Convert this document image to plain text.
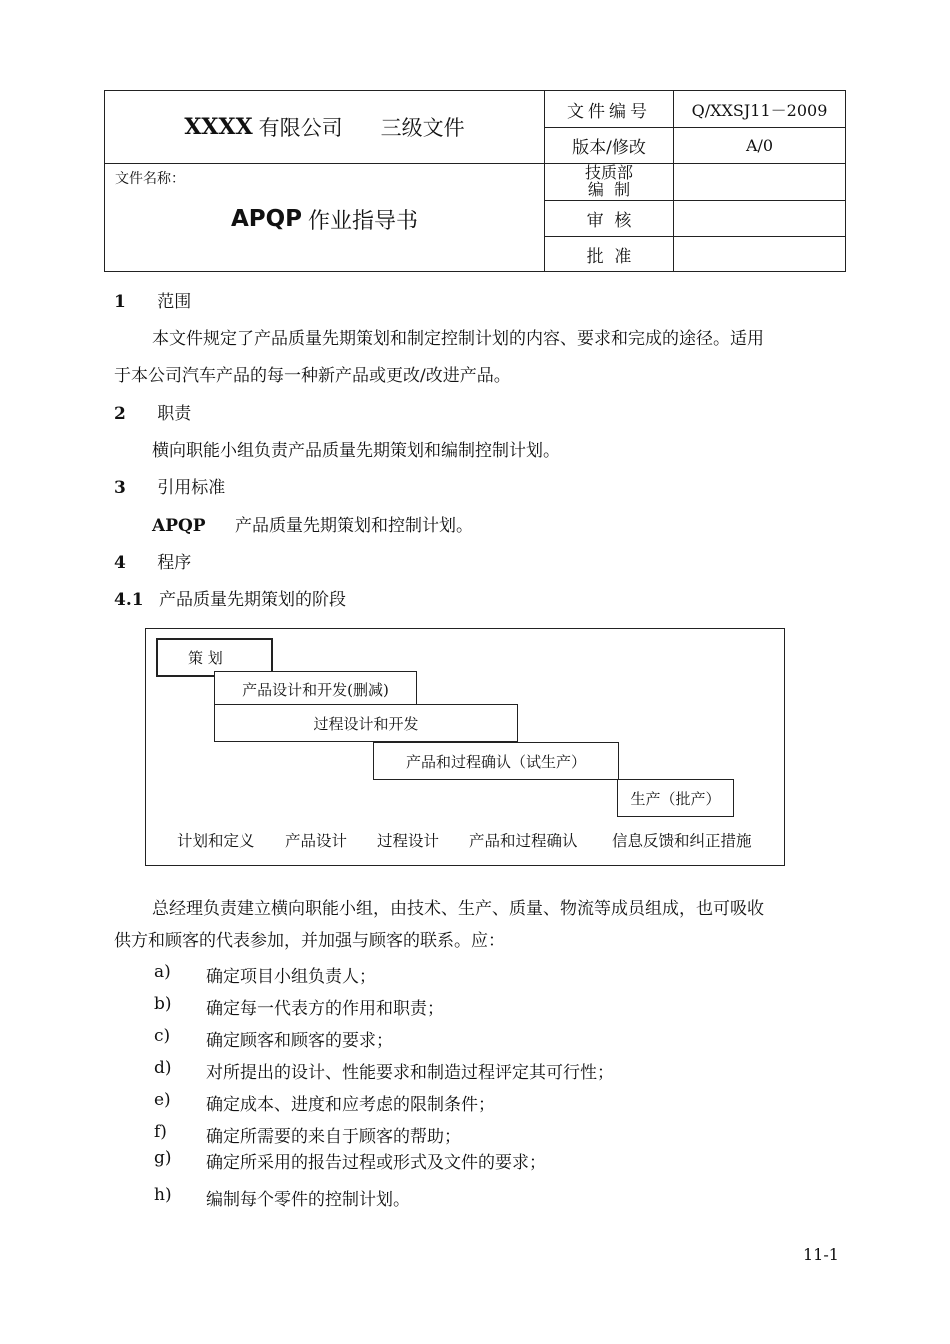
XXXX 有限公司 三级文件
文件名称：
APQP 作业指导书
文件编号
版本/修改
技质部
编  制
审  核
批  准
Q/XXSJ11－2009
A/0
1 范围
本文件规定了产品质量先期策划和制定控制计划的内容、要求和完成的途径。适用
于本公司汽车产品的每一种新产品或更改/改进产品。
2 职责
横向职能小组负责产品质量先期策划和编制控制计划。
3 引用标准
APQP 产品质量先期策划和控制计划。
4 程序
4.1 产品质量先期策划的阶段
策 划
产品设计和开发(删减)
过程设计和开发
产品和过程确认（试生产）
生产（批产）
计划和定义 产品设计 过程设计 产品和过程确认 信息反馈和纠正措施
总经理负责建立横向职能小组，由技术、生产、质量、物流等成员组成，也可吸收
供方和顾客的代表参加，并加强与顾客的联系。应：
a) 确定项目小组负责人；
b) 确定每一代表方的作用和职责；
c) 确定顾客和顾客的要求；
d) 对所提出的设计、性能要求和制造过程评定其可行性；
e) 确定成本、进度和应考虑的限制条件；
f) 确定所需要的来自于顾客的帮助；
g) 确定所采用的报告过程或形式及文件的要求；
h) 编制每个零件的控制计划。
11-1
